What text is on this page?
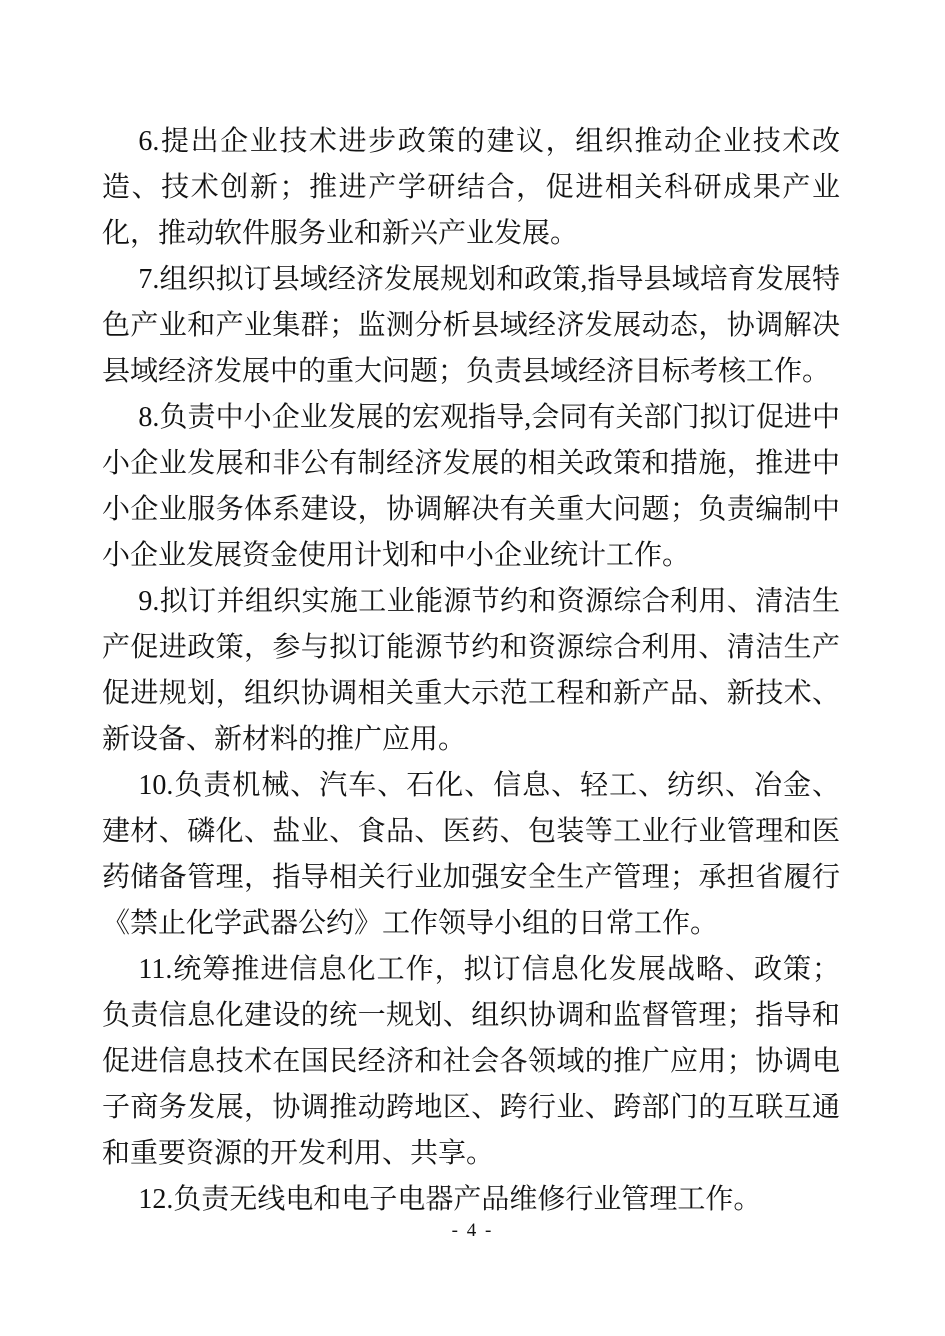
6.提出企业技术进步政策的建议，组织推动企业技术改造、技术创新；推进产学研结合，促进相关科研成果产业化，推动软件服务业和新兴产业发展。

7.组织拟订县域经济发展规划和政策,指导县域培育发展特色产业和产业集群；监测分析县域经济发展动态，协调解决县域经济发展中的重大问题；负责县域经济目标考核工作。

8.负责中小企业发展的宏观指导,会同有关部门拟订促进中小企业发展和非公有制经济发展的相关政策和措施，推进中小企业服务体系建设，协调解决有关重大问题；负责编制中小企业发展资金使用计划和中小企业统计工作。

9.拟订并组织实施工业能源节约和资源综合利用、清洁生产促进政策，参与拟订能源节约和资源综合利用、清洁生产促进规划，组织协调相关重大示范工程和新产品、新技术、新设备、新材料的推广应用。

10.负责机械、汽车、石化、信息、轻工、纺织、冶金、建材、磷化、盐业、食品、医药、包装等工业行业管理和医药储备管理，指导相关行业加强安全生产管理；承担省履行《禁止化学武器公约》工作领导小组的日常工作。

11.统筹推进信息化工作，拟订信息化发展战略、政策；负责信息化建设的统一规划、组织协调和监督管理；指导和促进信息技术在国民经济和社会各领域的推广应用；协调电子商务发展，协调推动跨地区、跨行业、跨部门的互联互通和重要资源的开发利用、共享。

12.负责无线电和电子电器产品维修行业管理工作。

- 4 -
